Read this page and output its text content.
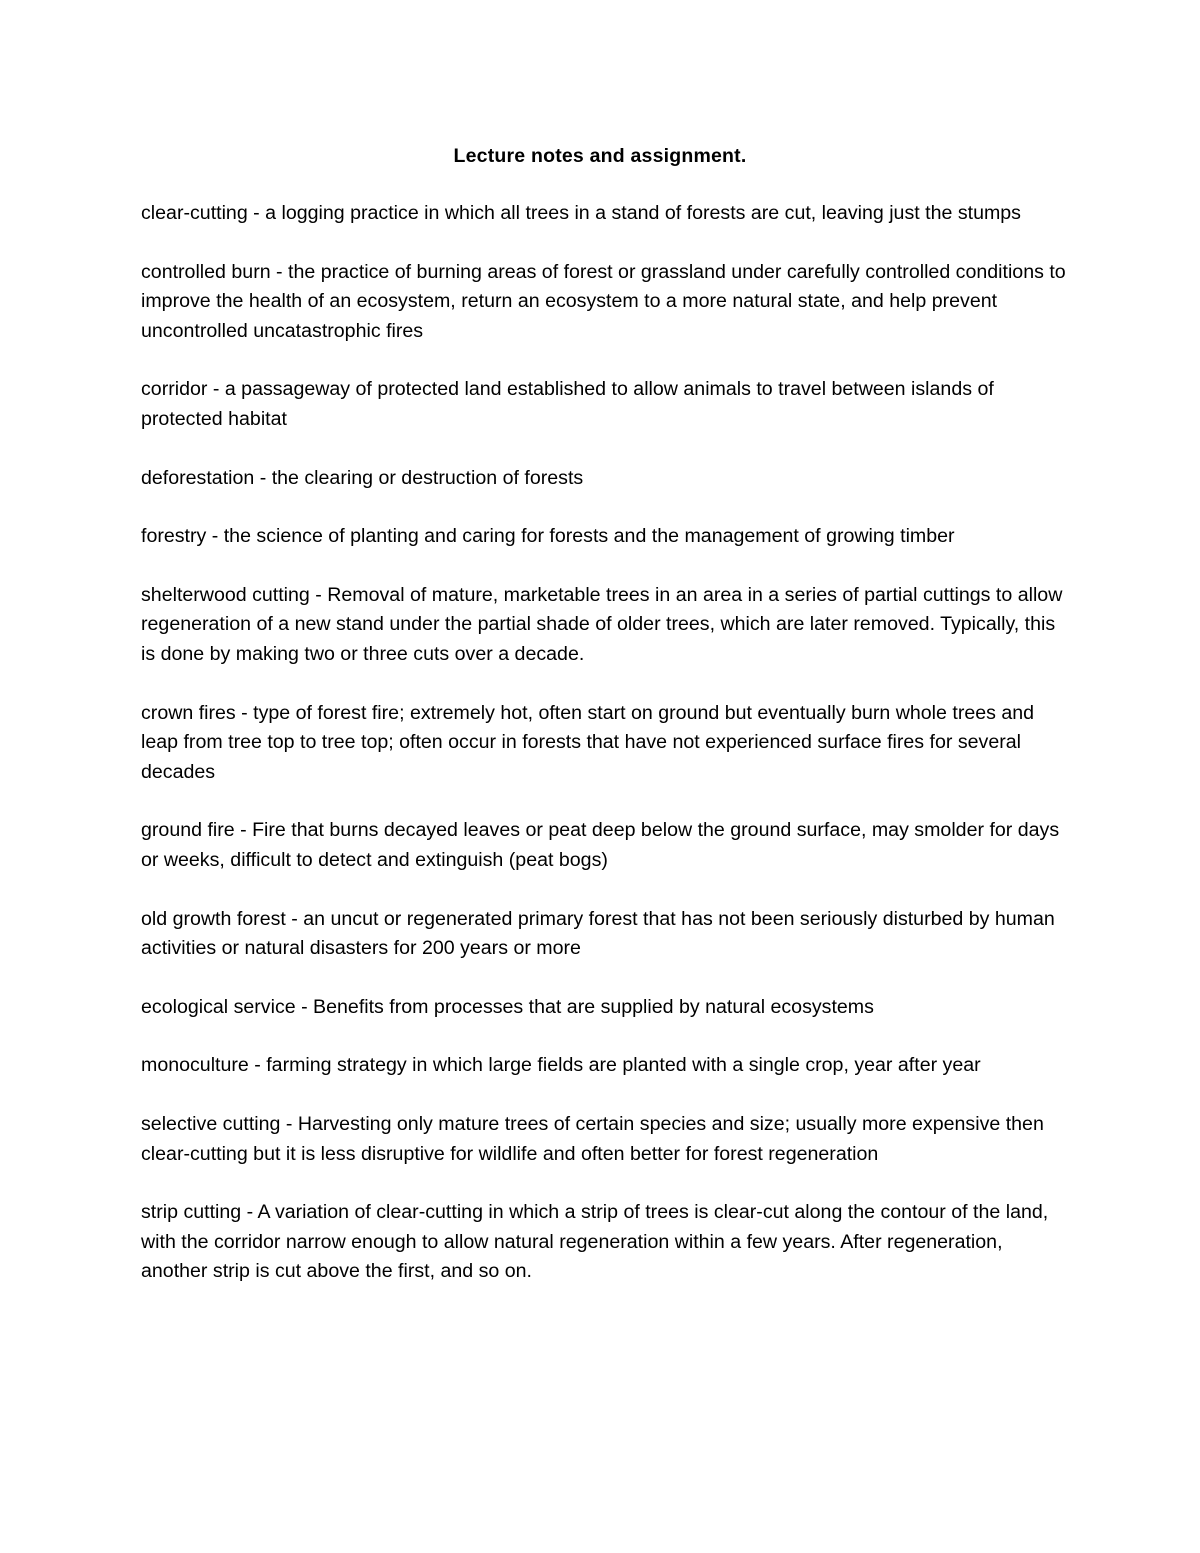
Lecture notes and assignment.

clear-cutting - a logging practice in which all trees in a stand of forests are cut, leaving just the stumps

controlled burn - the practice of burning areas of forest or grassland under carefully controlled conditions to improve the health of an ecosystem, return an ecosystem to a more natural state, and help prevent uncontrolled uncatastrophic fires

corridor - a passageway of protected land established to allow animals to travel between islands of protected habitat

deforestation - the clearing or destruction of forests

forestry - the science of planting and caring for forests and the management of growing timber

shelterwood cutting - Removal of mature, marketable trees in an area in a series of partial cuttings to allow regeneration of a new stand under the partial shade of older trees, which are later removed. Typically, this is done by making two or three cuts over a decade.

crown fires - type of forest fire; extremely hot, often start on ground but eventually burn whole trees and leap from tree top to tree top; often occur in forests that have not experienced surface fires for several decades

ground fire - Fire that burns decayed leaves or peat deep below the ground surface, may smolder for days or weeks, difficult to detect and extinguish (peat bogs)

old growth forest - an uncut or regenerated primary forest that has not been seriously disturbed by human activities or natural disasters for 200 years or more

ecological service - Benefits from processes that are supplied by natural ecosystems

monoculture - farming strategy in which large fields are planted with a single crop, year after year

selective cutting - Harvesting only mature trees of certain species and size; usually more expensive then clear-cutting but it is less disruptive for wildlife and often better for forest regeneration

strip cutting - A variation of clear-cutting in which a strip of trees is clear-cut along the contour of the land, with the corridor narrow enough to allow natural regeneration within a few years. After regeneration, another strip is cut above the first, and so on.
